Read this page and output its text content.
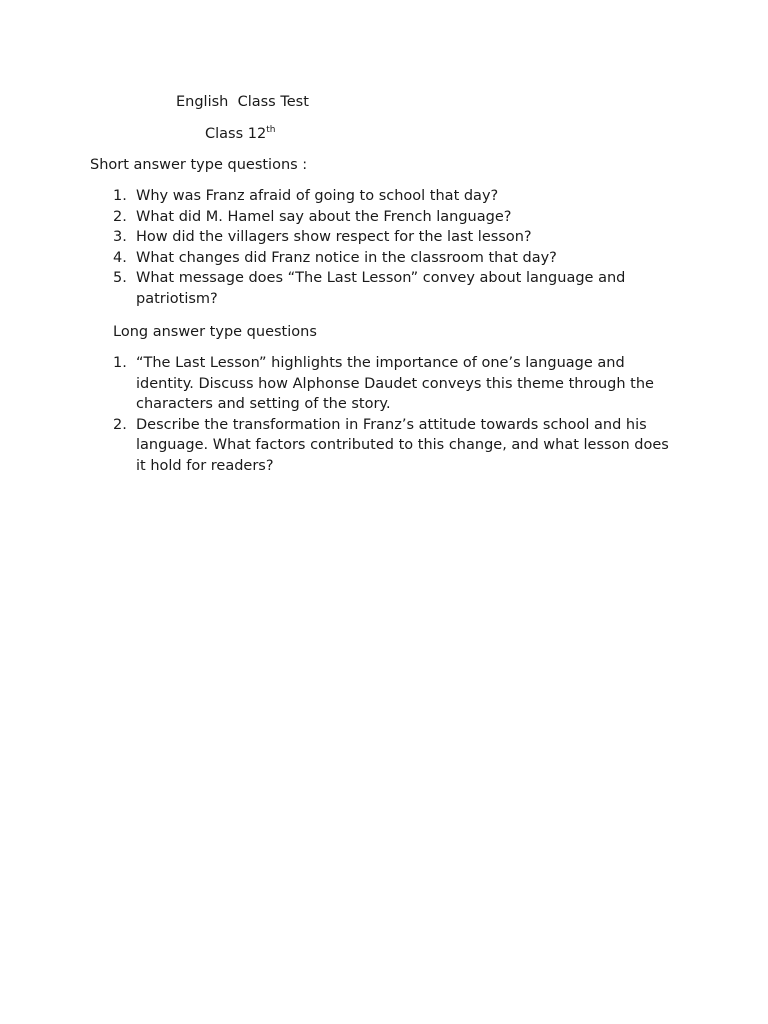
English  Class Test
Class 12th
Short answer type questions :
1. Why was Franz afraid of going to school that day?
2. What did M. Hamel say about the French language?
3. How did the villagers show respect for the last lesson?
4. What changes did Franz notice in the classroom that day?
5. What message does “The Last Lesson” convey about language and patriotism?
Long answer type questions
1. “The Last Lesson” highlights the importance of one’s language and identity. Discuss how Alphonse Daudet conveys this theme through the characters and setting of the story.
2. Describe the transformation in Franz’s attitude towards school and his language. What factors contributed to this change, and what lesson does it hold for readers?
